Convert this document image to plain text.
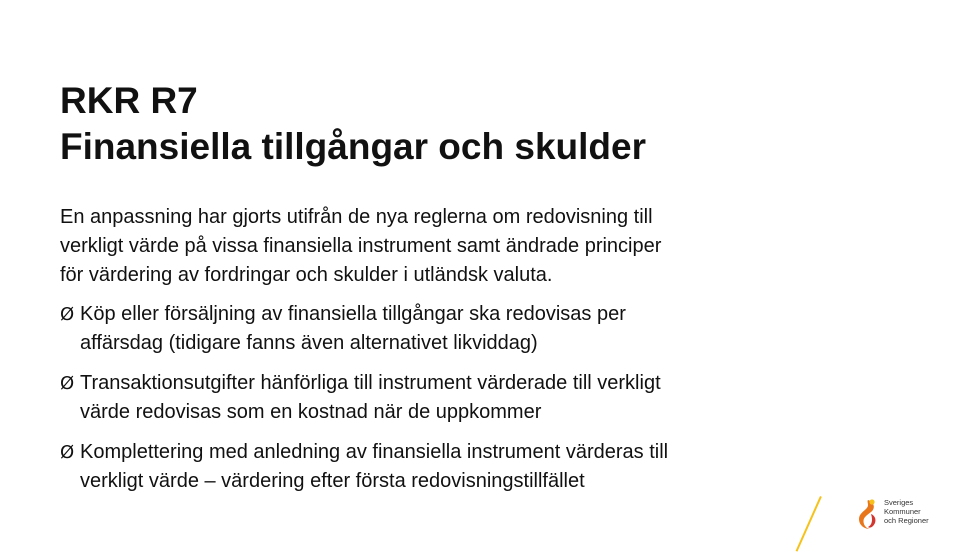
RKR R7
Finansiella tillgångar och skulder
En anpassning har gjorts utifrån de nya reglerna om redovisning till
verkligt värde på vissa finansiella instrument samt ändrade principer
för värdering av fordringar och skulder i utländsk valuta.
Ø Köp eller försäljning av finansiella tillgångar ska redovisas per
affärsdag (tidigare fanns även alternativet likviddag)
Ø Transaktionsutgifter hänförliga till instrument värderade till verkligt
värde redovisas som en kostnad när de uppkommer
Ø Komplettering med anledning av finansiella instrument värderas till
verkligt värde – värdering efter första redovisningstillfället
Sveriges
Kommuner
och Regioner
